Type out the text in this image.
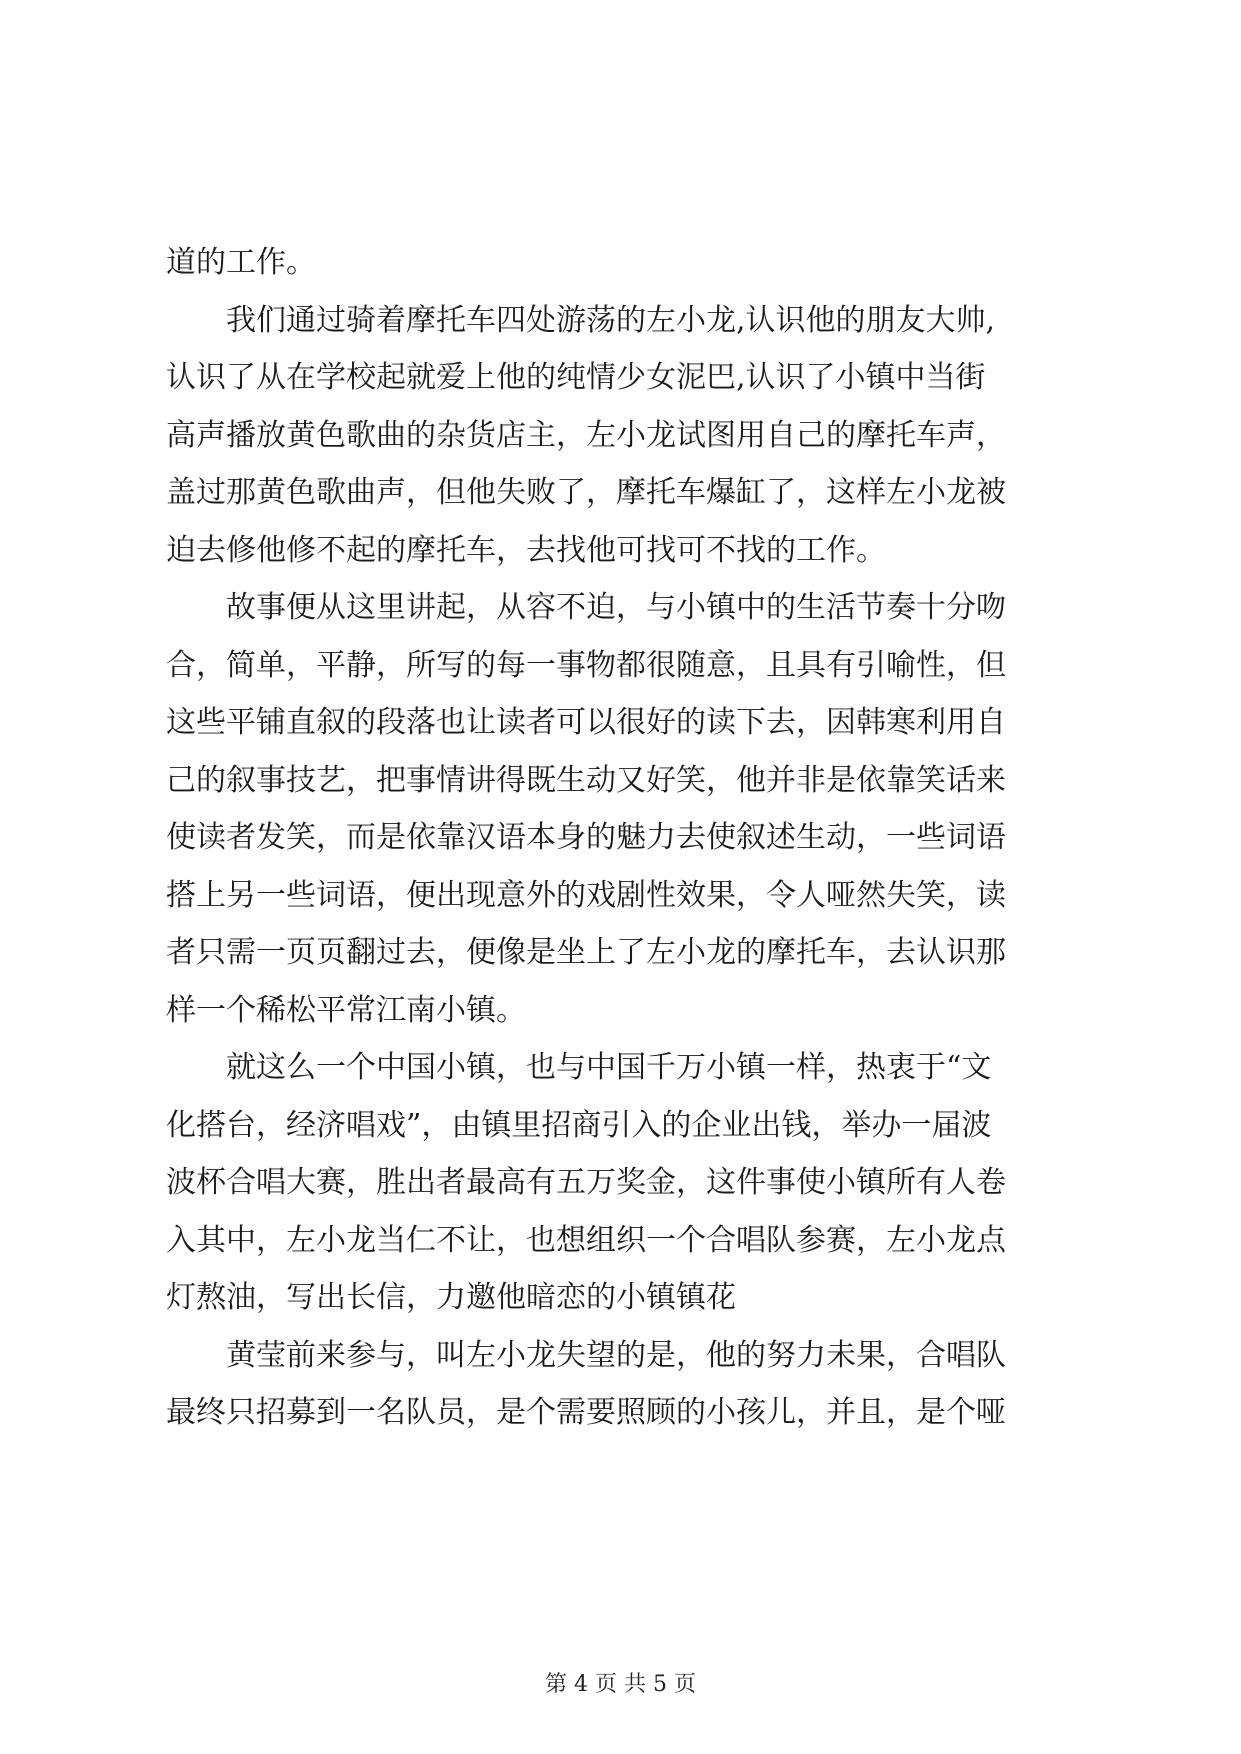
道的工作。
我们通过骑着摩托车四处游荡的左小龙,认识他的朋友大帅,
认识了从在学校起就爱上他的纯情少女泥巴,认识了小镇中当街
高声播放黄色歌曲的杂货店主，左小龙试图用自己的摩托车声，
盖过那黄色歌曲声，但他失败了，摩托车爆缸了，这样左小龙被
迫去修他修不起的摩托车，去找他可找可不找的工作。
故事便从这里讲起，从容不迫，与小镇中的生活节奏十分吻
合，简单，平静，所写的每一事物都很随意，且具有引喻性，但
这些平铺直叙的段落也让读者可以很好的读下去，因韩寒利用自
己的叙事技艺，把事情讲得既生动又好笑，他并非是依靠笑话来
使读者发笑，而是依靠汉语本身的魅力去使叙述生动，一些词语
搭上另一些词语，便出现意外的戏剧性效果，令人哑然失笑，读
者只需一页页翻过去，便像是坐上了左小龙的摩托车，去认识那
样一个稀松平常江南小镇。
就这么一个中国小镇，也与中国千万小镇一样，热衷于“文
化搭台，经济唱戏”，由镇里招商引入的企业出钱，举办一届波
波杯合唱大赛，胜出者最高有五万奖金，这件事使小镇所有人卷
入其中，左小龙当仁不让，也想组织一个合唱队参赛，左小龙点
灯熬油，写出长信，力邀他暗恋的小镇镇花
黄莹前来参与，叫左小龙失望的是，他的努力未果，合唱队
最终只招募到一名队员，是个需要照顾的小孩儿，并且，是个哑
第 4 页 共 5 页
